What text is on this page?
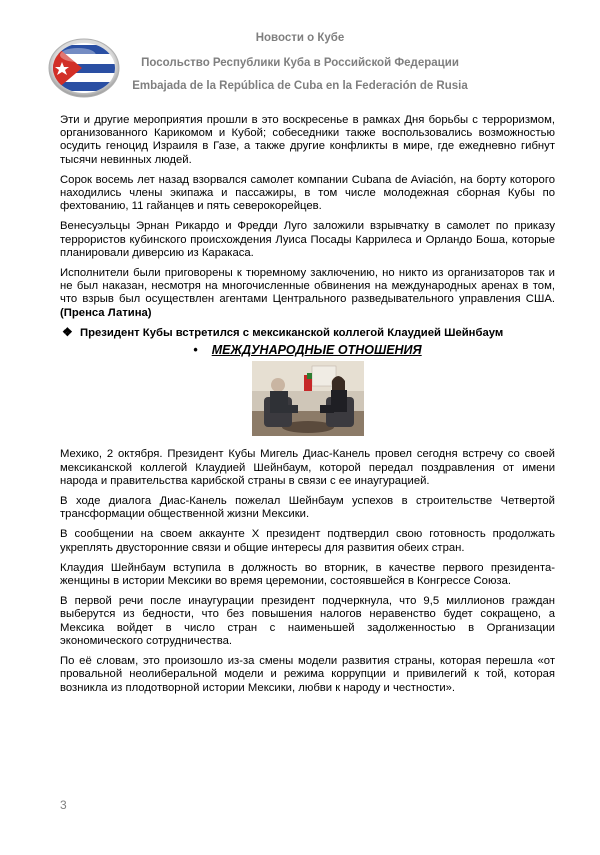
Новости о Кубе
Посольство Республики Куба в Российской Федерации
Embajada de la República de Cuba en la Federación de Rusia

Эти и другие мероприятия прошли в это воскресенье в рамках Дня борьбы с терроризмом, организованного Карикомом и Кубой; собеседники также воспользовались возможностью осудить геноцид Израиля в Газе, а также другие конфликты в мире, где ежедневно гибнут тысячи невинных людей.

Сорок восемь лет назад взорвался самолет компании Cubana de Aviación, на борту которого находились члены экипажа и пассажиры, в том числе молодежная сборная Кубы по фехтованию, 11 гайанцев и пять северокорейцев.

Венесуэльцы Эрнан Рикардо и Фредди Луго заложили взрывчатку в самолет по приказу террористов кубинского происхождения Луиса Посады Каррилеса и Орландо Боша, которые планировали диверсию из Каракаса.

Исполнители были приговорены к тюремному заключению, но никто из организаторов так и не был наказан, несмотря на многочисленные обвинения на международных аренах в том, что взрыв был осуществлен агентами Центрального разведывательного управления США. (Пренса Латина)

❖ Президент Кубы встретился с мексиканской коллегой Клаудией Шейнбаум
• МЕЖДУНАРОДНЫЕ ОТНОШЕНИЯ

Мехико, 2 октября. Президент Кубы Мигель Диас-Канель провел сегодня встречу со своей мексиканской коллегой Клаудией Шейнбаум, которой передал поздравления от имени народа и правительства карибской страны в связи с ее инаугурацией.

В ходе диалога Диас-Канель пожелал Шейнбаум успехов в строительстве Четвертой трансформации общественной жизни Мексики.

В сообщении на своем аккаунте Х президент подтвердил свою готовность продолжать укреплять двусторонние связи и общие интересы для развития обеих стран.

Клаудия Шейнбаум вступила в должность во вторник, в качестве первого президента-женщины в истории Мексики во время церемонии, состоявшейся в Конгрессе Союза.

В первой речи после инаугурации президент подчеркнула, что 9,5 миллионов граждан выберутся из бедности, что без повышения налогов неравенство будет сокращено, а Мексика войдет в число стран с наименьшей задолженностью в Организации экономического сотрудничества.

По её словам, это произошло из-за смены модели развития страны, которая перешла «от провальной неолиберальной модели и режима коррупции и привилегий к той, которая возникла из плодотворной истории Мексики, любви к народу и честности».

3
